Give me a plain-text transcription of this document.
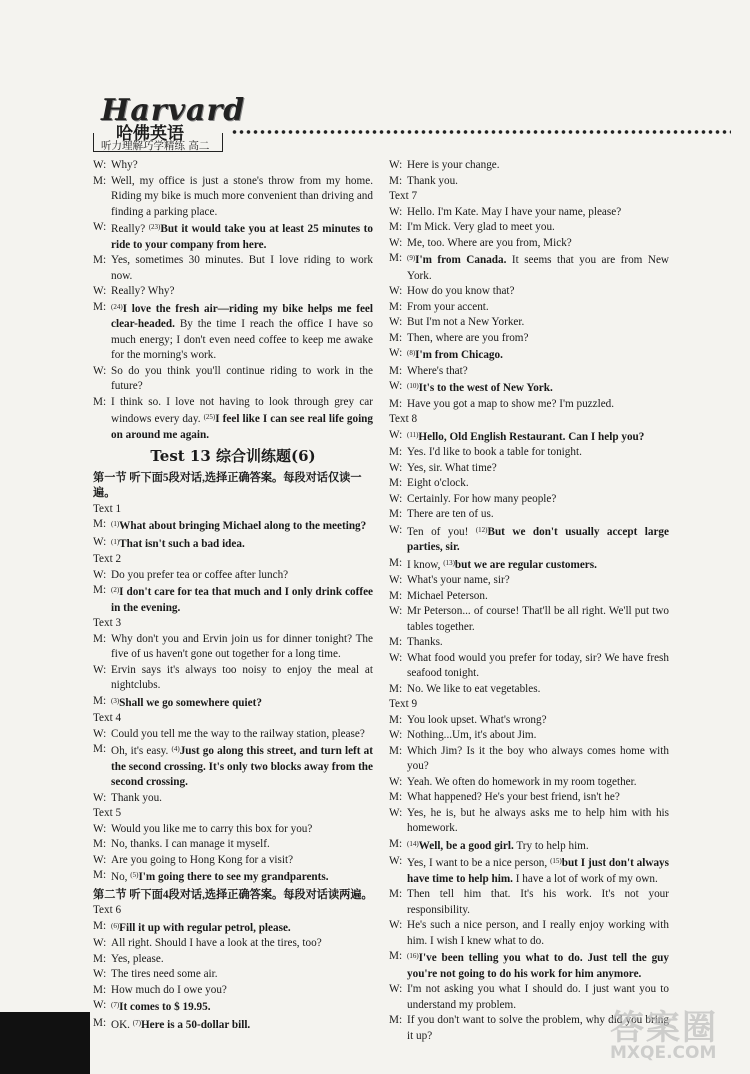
Harvard
哈佛英语
听力理解巧学精练 高二
W: Why?
M: Well, my office is just a stone's throw from my home. Riding my bike is much more convenient than driving and finding a parking place.
W: Really? $^{(23)}$But it would take you at least 25 minutes to ride to your company from here.
M: Yes, sometimes 30 minutes. But I love riding to work now.
W: Really? Why?
M: $^{(24)}$I love the fresh air—riding my bike helps me feel clear-headed. By the time I reach the office I have so much energy; I don't even need coffee to keep me awake for the morning's work.
W: So do you think you'll continue riding to work in the future?
M: I think so. I love not having to look through grey car windows every day. $^{(25)}$I feel like I can see real life going on around me again.
Test 13 综合训练题(6)
第一节 听下面5段对话,选择正确答案。每段对话仅读一遍。
Text 1
M: $^{(1)}$What about bringing Michael along to the meeting?
W: $^{(1)}$That isn't such a bad idea.
Text 2
W: Do you prefer tea or coffee after lunch?
M: $^{(2)}$I don't care for tea that much and I only drink coffee in the evening.
Text 3
M: Why don't you and Ervin join us for dinner tonight? The five of us haven't gone out together for a long time.
W: Ervin says it's always too noisy to enjoy the meal at nightclubs.
M: $^{(3)}$Shall we go somewhere quiet?
Text 4
W: Could you tell me the way to the railway station, please?
M: Oh, it's easy. $^{(4)}$Just go along this street, and turn left at the second crossing. It's only two blocks away from the second crossing.
W: Thank you.
Text 5
W: Would you like me to carry this box for you?
M: No, thanks. I can manage it myself.
W: Are you going to Hong Kong for a visit?
M: No, $^{(5)}$I'm going there to see my grandparents.
第二节 听下面4段对话,选择正确答案。每段对话读两遍。
Text 6
M: $^{(6)}$Fill it up with regular petrol, please.
W: All right. Should I have a look at the tires, too?
M: Yes, please.
W: The tires need some air.
M: How much do I owe you?
W: $^{(7)}$It comes to $ 19.95.
M: OK. $^{(7)}$Here is a 50-dollar bill.
W: Here is your change.
M: Thank you.
Text 7
W: Hello. I'm Kate. May I have your name, please?
M: I'm Mick. Very glad to meet you.
W: Me, too. Where are you from, Mick?
M: $^{(9)}$I'm from Canada. It seems that you are from New York.
W: How do you know that?
M: From your accent.
W: But I'm not a New Yorker.
M: Then, where are you from?
W: $^{(8)}$I'm from Chicago.
M: Where's that?
W: $^{(10)}$It's to the west of New York.
M: Have you got a map to show me? I'm puzzled.
Text 8
W: $^{(11)}$Hello, Old English Restaurant. Can I help you?
M: Yes. I'd like to book a table for tonight.
W: Yes, sir. What time?
M: Eight o'clock.
W: Certainly. For how many people?
M: There are ten of us.
W: Ten of you! $^{(12)}$But we don't usually accept large parties, sir.
M: I know, $^{(13)}$but we are regular customers.
W: What's your name, sir?
M: Michael Peterson.
W: Mr Peterson... of course! That'll be all right. We'll put two tables together.
M: Thanks.
W: What food would you prefer for today, sir? We have fresh seafood tonight.
M: No. We like to eat vegetables.
Text 9
M: You look upset. What's wrong?
W: Nothing...Um, it's about Jim.
M: Which Jim? Is it the boy who always comes home with you?
W: Yeah. We often do homework in my room together.
M: What happened? He's your best friend, isn't he?
W: Yes, he is, but he always asks me to help him with his homework.
M: $^{(14)}$Well, be a good girl. Try to help him.
W: Yes, I want to be a nice person, $^{(15)}$but I just don't always have time to help him. I have a lot of work of my own.
M: Then tell him that. It's his work. It's not your responsibility.
W: He's such a nice person, and I really enjoy working with him. I wish I knew what to do.
M: $^{(16)}$I've been telling you what to do. Just tell the guy you're not going to do his work for him anymore.
W: I'm not asking you what I should do. I just want you to understand my problem.
M: If you don't want to solve the problem, why did you bring it up?	答案圈
MXQE.COM
